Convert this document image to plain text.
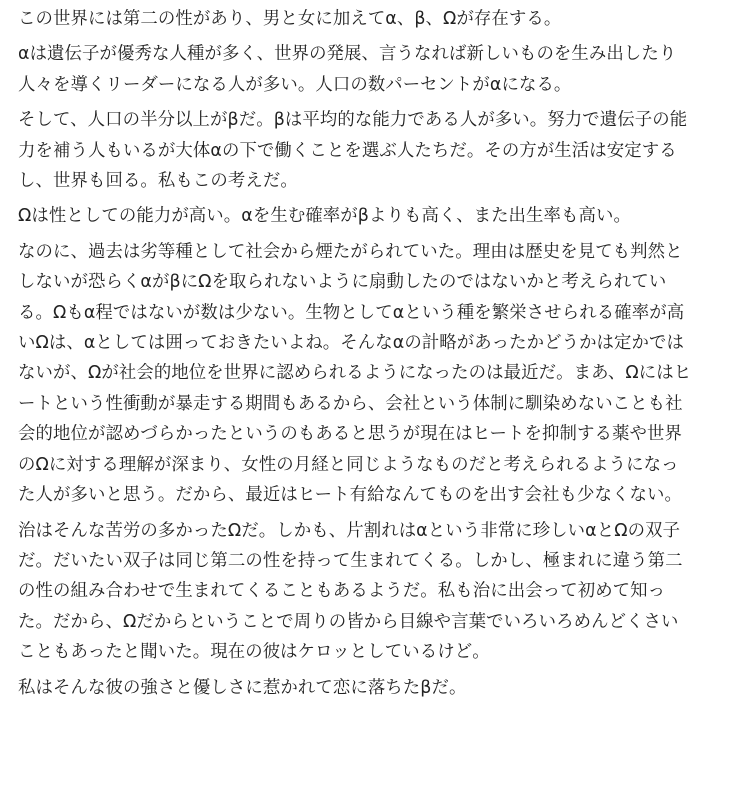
この世界には第二の性があり、男と女に加えてα、β、Ωが存在する。

αは遺伝子が優秀な人種が多く、世界の発展、言うなれば新しいものを生み出したり
人々を導くリーダーになる人が多い。人口の数パーセントがαになる。

そして、人口の半分以上がβだ。βは平均的な能力である人が多い。努力で遺伝子の能
力を補う人もいるが大体αの下で働くことを選ぶ人たちだ。その方が生活は安定する
し、世界も回る。私もこの考えだ。

Ωは性としての能力が高い。αを生む確率がβよりも高く、また出生率も高い。

なのに、過去は劣等種として社会から煙たがられていた。理由は歴史を見ても判然と
しないが恐らくαがβにΩを取られないように扇動したのではないかと考えられてい
る。Ωもα程ではないが数は少ない。生物としてαという種を繁栄させられる確率が高
いΩは、αとしては囲っておきたいよね。そんなαの計略があったかどうかは定かでは
ないが、Ωが社会的地位を世界に認められるようになったのは最近だ。まあ、Ωにはヒ
ートという性衝動が暴走する期間もあるから、会社という体制に馴染めないことも社
会的地位が認めづらかったというのもあると思うが現在はヒートを抑制する薬や世界
のΩに対する理解が深まり、女性の月経と同じようなものだと考えられるようになっ
た人が多いと思う。だから、最近はヒート有給なんてものを出す会社も少なくない。

治はそんな苦労の多かったΩだ。しかも、片割れはαという非常に珍しいαとΩの双子
だ。だいたい双子は同じ第二の性を持って生まれてくる。しかし、極まれに違う第二
の性の組み合わせで生まれてくることもあるようだ。私も治に出会って初めて知っ
た。だから、Ωだからということで周りの皆から目線や言葉でいろいろめんどくさい
こともあったと聞いた。現在の彼はケロッとしているけど。

私はそんな彼の強さと優しさに惹かれて恋に落ちたβだ。
